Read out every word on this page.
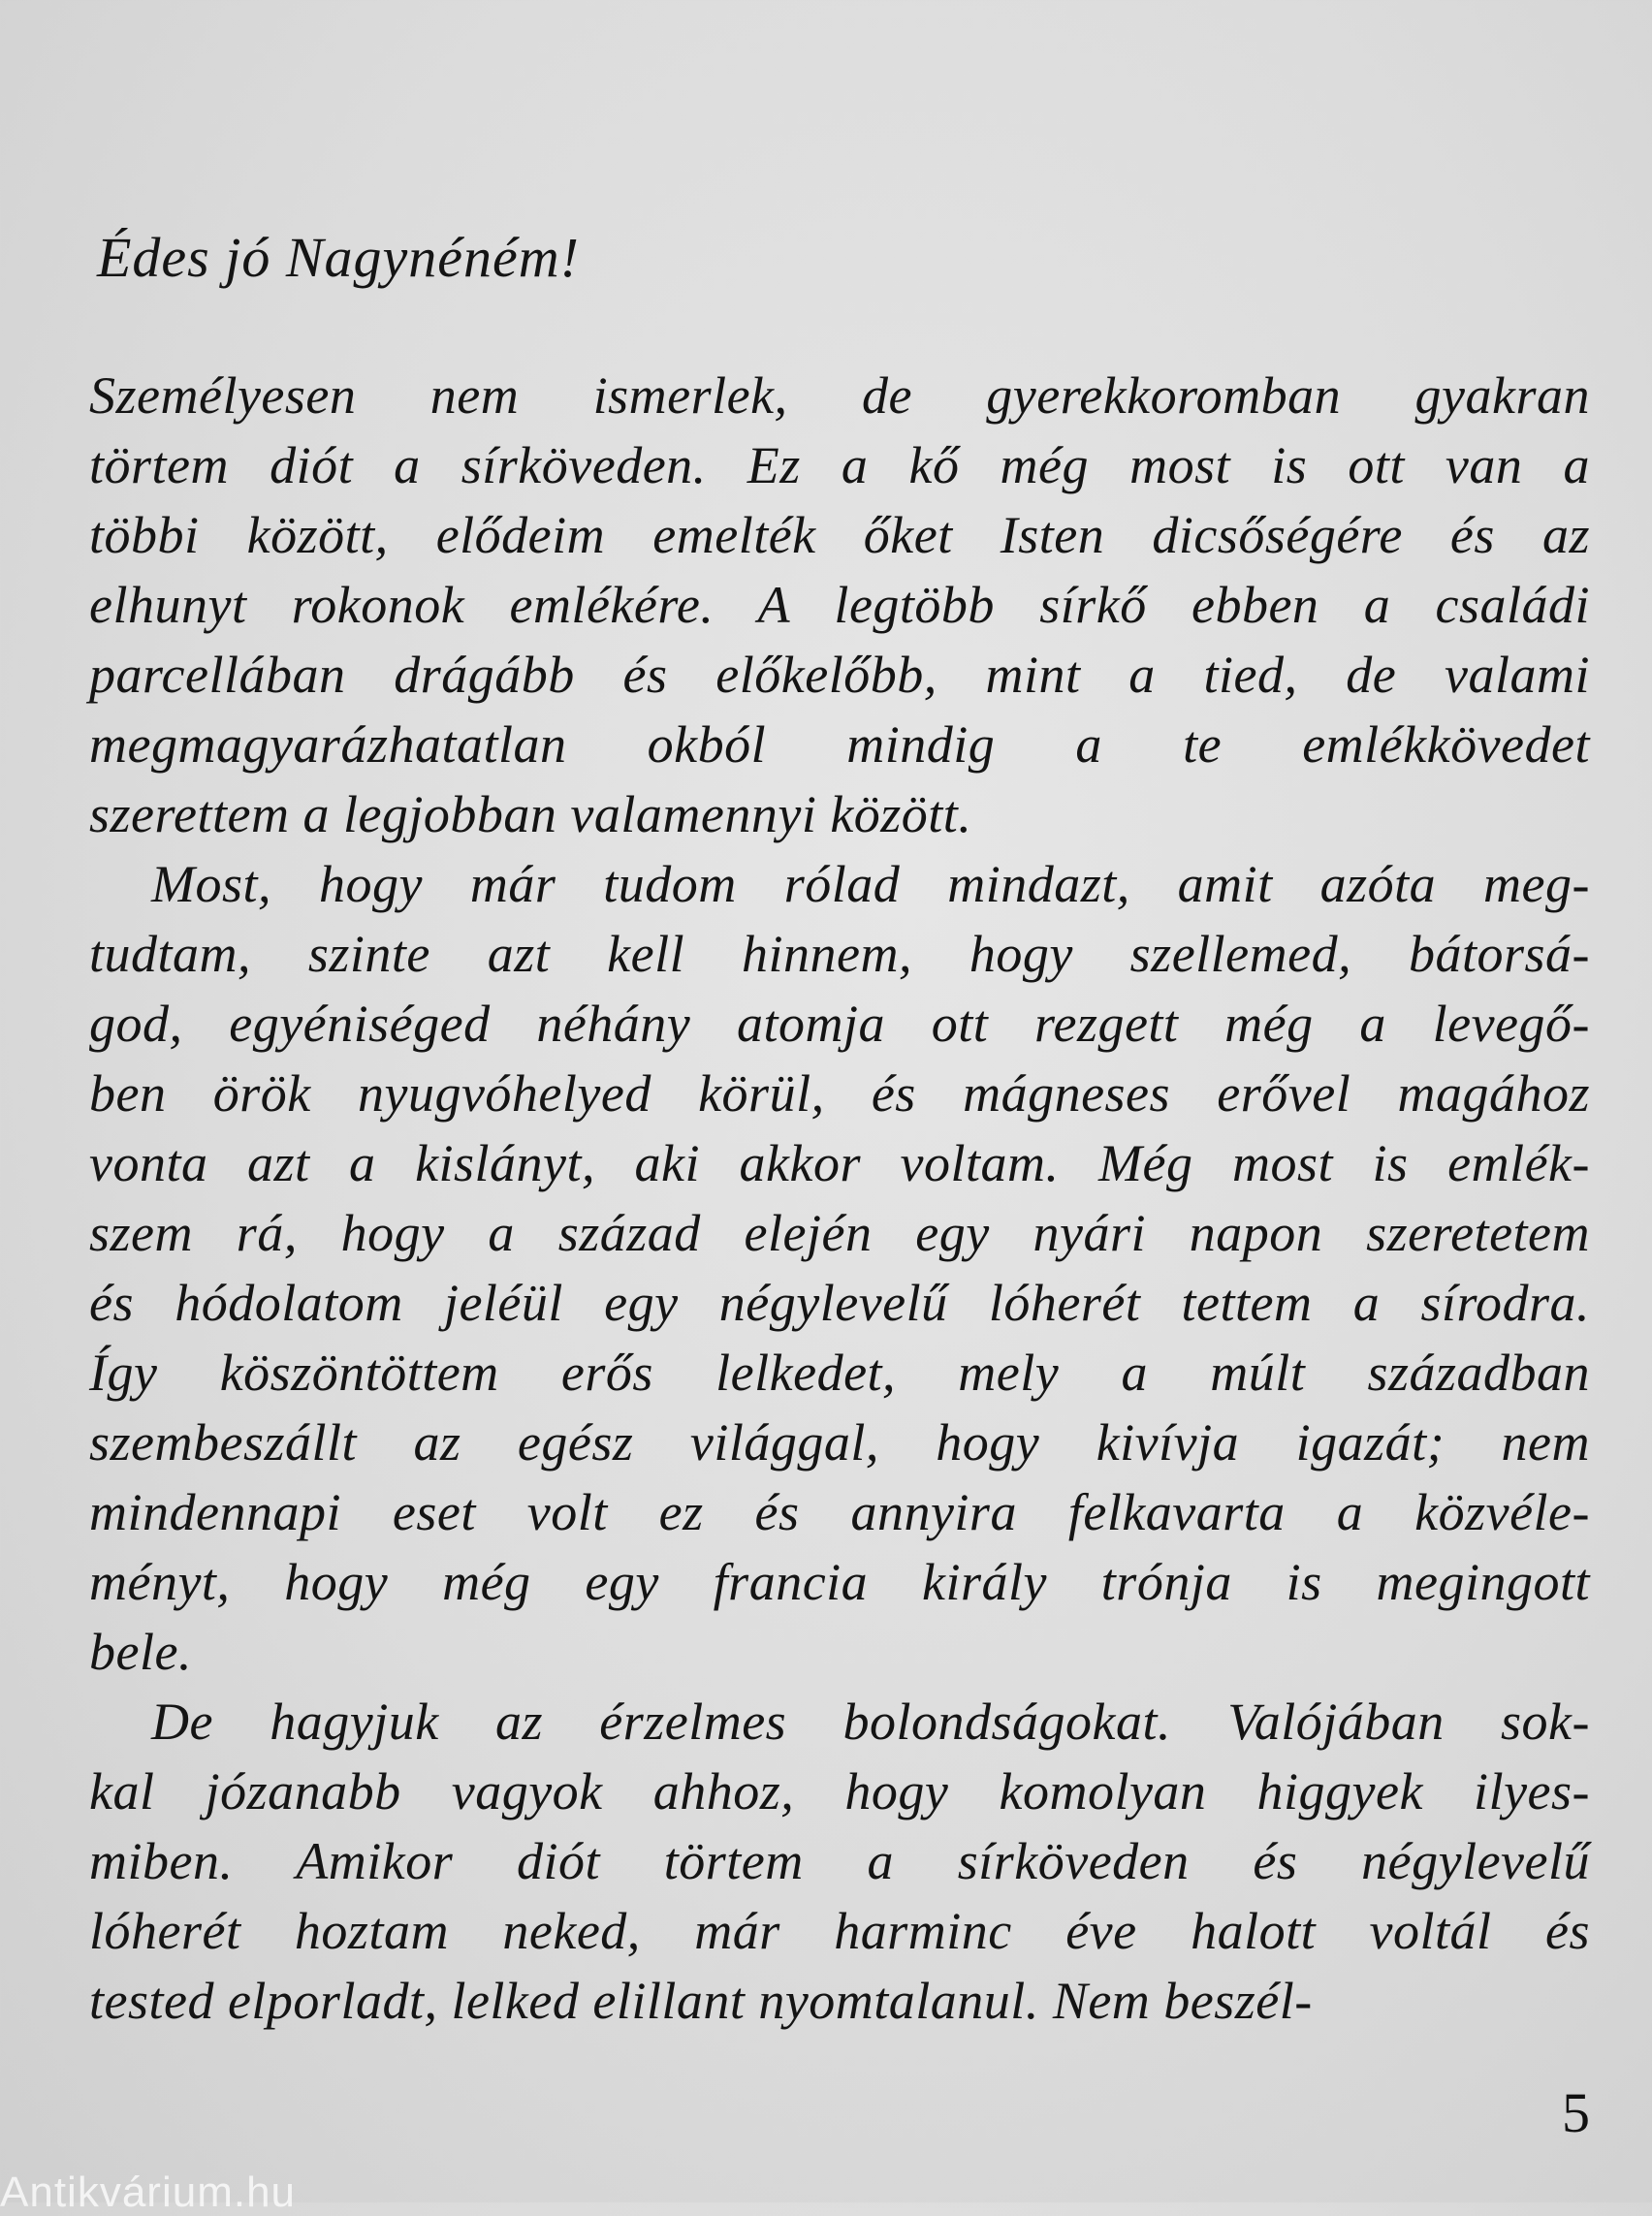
Édes jó Nagynéném!
Személyesen nem ismerlek, de gyerekkoromban gyakran
törtem diót a sírköveden. Ez a kő még most is ott van a
többi között, elődeim emelték őket Isten dicsőségére és az
elhunyt rokonok emlékére. A legtöbb sírkő ebben a családi
parcellában drágább és előkelőbb, mint a tied, de valami
megmagyarázhatatlan okból mindig a te emlékkövedet
szerettem a legjobban valamennyi között.
Most, hogy már tudom rólad mindazt, amit azóta meg-
tudtam, szinte azt kell hinnem, hogy szellemed, bátorsá-
god, egyéniséged néhány atomja ott rezgett még a levegő-
ben örök nyugvóhelyed körül, és mágneses erővel magához
vonta azt a kislányt, aki akkor voltam. Még most is emlék-
szem rá, hogy a század elején egy nyári napon szeretetem
és hódolatom jeléül egy négylevelű lóherét tettem a sírodra.
Így köszöntöttem erős lelkedet, mely a múlt században
szembeszállt az egész világgal, hogy kivívja igazát; nem
mindennapi eset volt ez és annyira felkavarta a közvéle-
ményt, hogy még egy francia király trónja is megingott
bele.
De hagyjuk az érzelmes bolondságokat. Valójában sok-
kal józanabb vagyok ahhoz, hogy komolyan higgyek ilyes-
miben. Amikor diót törtem a sírköveden és négylevelű
lóherét hoztam neked, már harminc éve halott voltál és
tested elporladt, lelked elillant nyomtalanul. Nem beszél-
5
Antikvárium.hu
